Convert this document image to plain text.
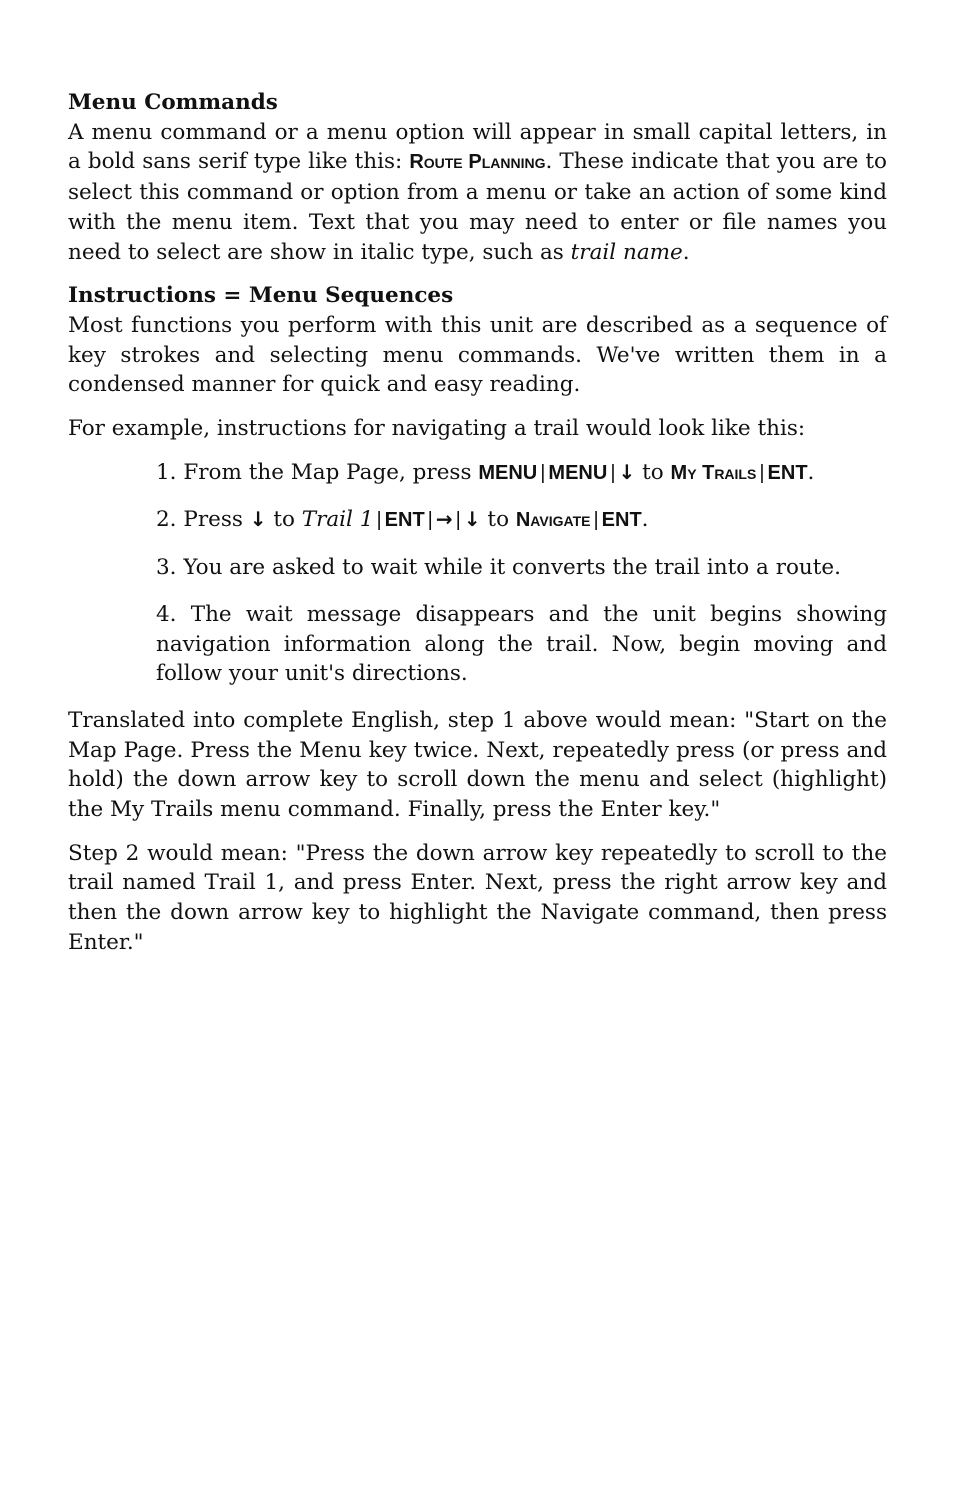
Menu Commands

A menu command or a menu option will appear in small capital letters, in a bold sans serif type like this: Route Planning. These indicate that you are to select this command or option from a menu or take an action of some kind with the menu item. Text that you may need to enter or file names you need to select are show in italic type, such as trail name.

Instructions = Menu Sequences

Most functions you perform with this unit are described as a sequence of key strokes and selecting menu commands. We've written them in a condensed manner for quick and easy reading.

For example, instructions for navigating a trail would look like this:

1. From the Map Page, press MENU | MENU | ↓ to My Trails | ENT.

2. Press ↓ to Trail 1 | ENT | → | ↓ to Navigate | ENT.

3. You are asked to wait while it converts the trail into a route.

4. The wait message disappears and the unit begins showing navigation information along the trail. Now, begin moving and follow your unit's directions.

Translated into complete English, step 1 above would mean: "Start on the Map Page. Press the Menu key twice. Next, repeatedly press (or press and hold) the down arrow key to scroll down the menu and select (highlight) the My Trails menu command. Finally, press the Enter key."

Step 2 would mean: "Press the down arrow key repeatedly to scroll to the trail named Trail 1, and press Enter. Next, press the right arrow key and then the down arrow key to highlight the Navigate command, then press Enter."
